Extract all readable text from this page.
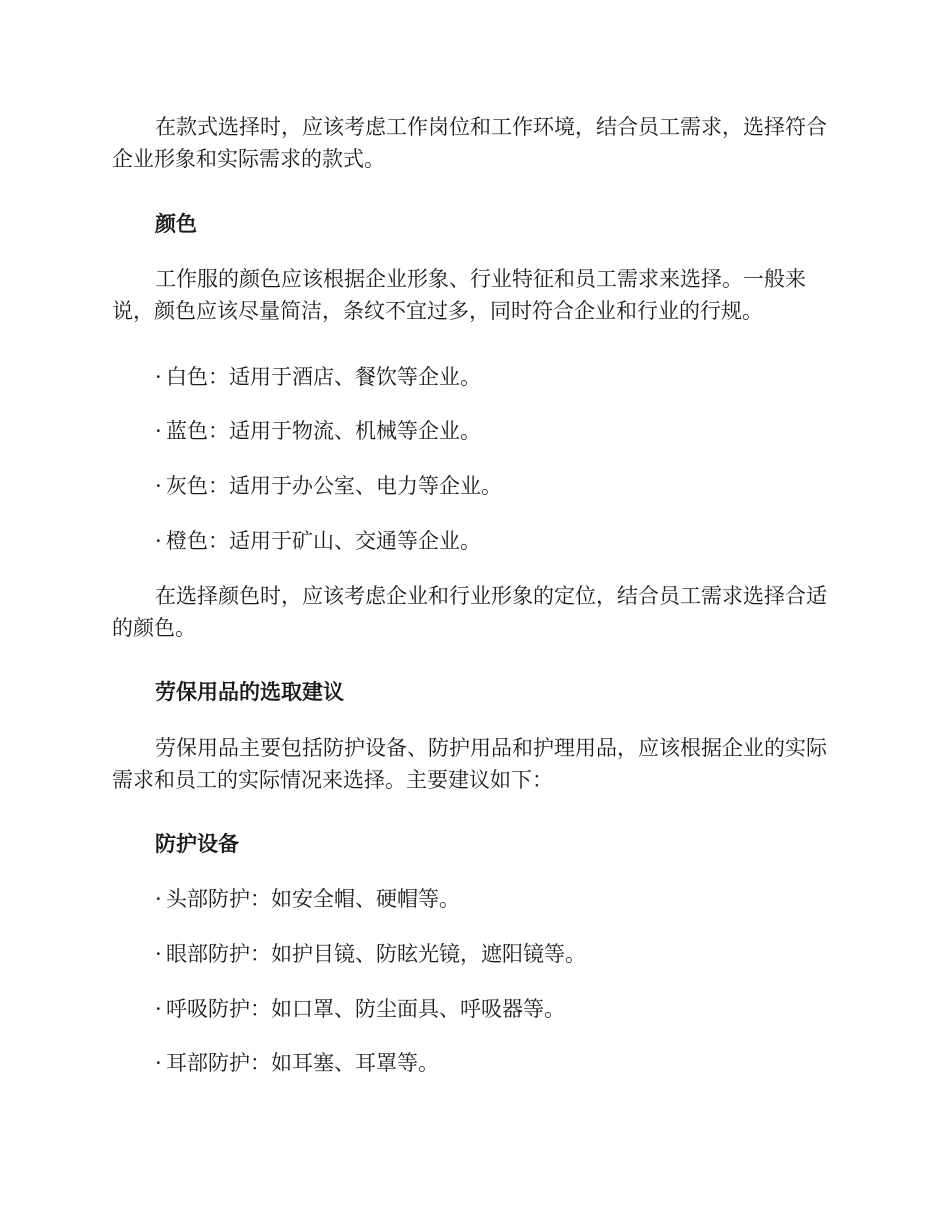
在款式选择时，应该考虑工作岗位和工作环境，结合员工需求，选择符合企业形象和实际需求的款式。

颜色

工作服的颜色应该根据企业形象、行业特征和员工需求来选择。一般来说，颜色应该尽量简洁，条纹不宜过多，同时符合企业和行业的行规。

· 白色：适用于酒店、餐饮等企业。
· 蓝色：适用于物流、机械等企业。
· 灰色：适用于办公室、电力等企业。
· 橙色：适用于矿山、交通等企业。

在选择颜色时，应该考虑企业和行业形象的定位，结合员工需求选择合适的颜色。

劳保用品的选取建议

劳保用品主要包括防护设备、防护用品和护理用品，应该根据企业的实际需求和员工的实际情况来选择。主要建议如下：

防护设备

· 头部防护：如安全帽、硬帽等。
· 眼部防护：如护目镜、防眩光镜，遮阳镜等。
· 呼吸防护：如口罩、防尘面具、呼吸器等。
· 耳部防护：如耳塞、耳罩等。
